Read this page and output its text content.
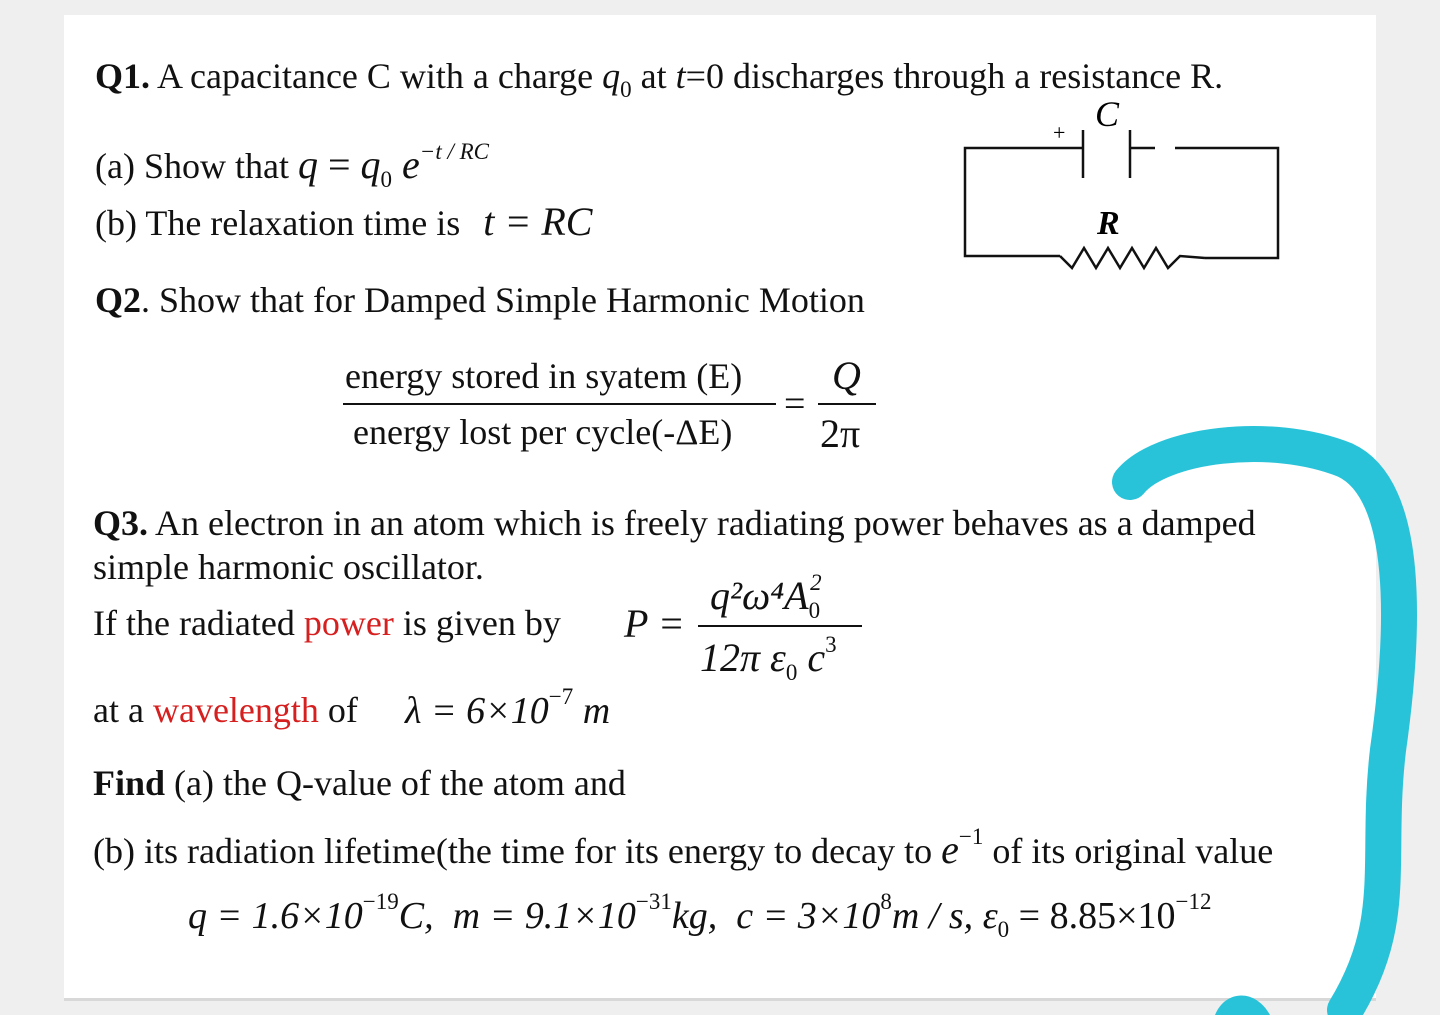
Q1. A capacitance C with a charge $q_0$ at t=0 discharges through a resistance R.
(a) Show that $q = q_0$ $e^{-t / RC}$
(b) The relaxation time is t = RC
C
+
R
Q2. Show that for Damped Simple Harmonic Motion
energy stored in syatem (E)
energy lost per cycle(-ΔE)
=
Q
2π
Q3. An electron in an atom which is freely radiating power behaves as a damped
simple harmonic oscillator.
If the radiated power is given by P =
$q^2\omega^4A_0^2$
12π $\varepsilon_0$ $c^3$
at a wavelength of $\lambda = 6\times 10^{-7}$ m
Find (a) the Q-value of the atom and
(b) its radiation lifetime(the time for its energy to decay to $e^{-1}$ of its original value
$q = 1.6\times 10^{-19}C$, $m = 9.1\times 10^{-31}kg$, $c = 3\times 10^8m / s$, $\varepsilon_0 = 8.85\times 10^{-12}$
